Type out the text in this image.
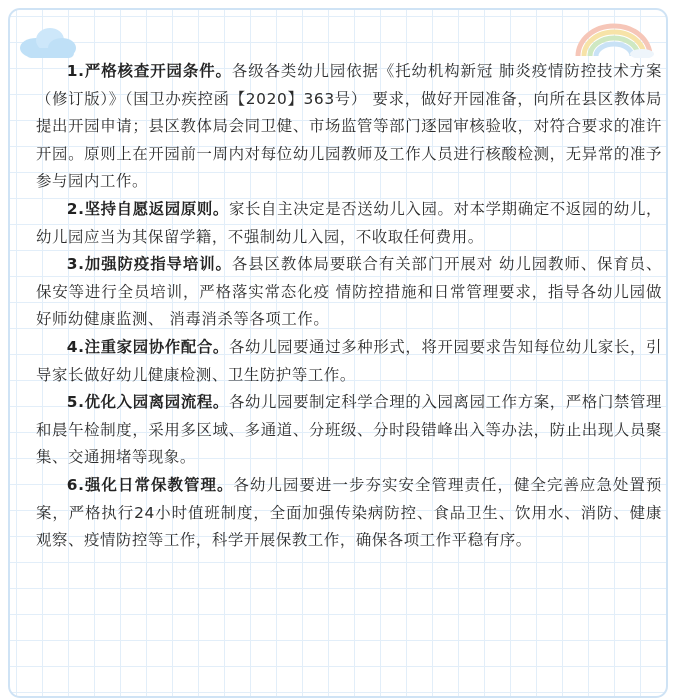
1.严格核查开园条件。各级各类幼儿园依据《托幼机构新冠 肺炎疫情防控技术方案（修订版）》（国卫办疾控函【2020】363号） 要求，做好开园准备，向所在县区教体局提出开园申请；县区教体局会同卫健、市场监管等部门逐园审核验收，对符合要求的准许开园。原则上在开园前一周内对每位幼儿园教师及工作人员进行核酸检测，无异常的准予参与园内工作。

2.坚持自愿返园原则。家长自主决定是否送幼儿入园。对本学期确定不返园的幼儿，幼儿园应当为其保留学籍，不强制幼儿入园，不收取任何费用。

3.加强防疫指导培训。各县区教体局要联合有关部门开展对 幼儿园教师、保育员、保安等进行全员培训，严格落实常态化疫 情防控措施和日常管理要求，指导各幼儿园做好师幼健康监测、 消毒消杀等各项工作。

4.注重家园协作配合。各幼儿园要通过多种形式，将开园要求告知每位幼儿家长，引导家长做好幼儿健康检测、卫生防护等工作。

5.优化入园离园流程。各幼儿园要制定科学合理的入园离园工作方案，严格门禁管理和晨午检制度，采用多区域、多通道、分班级、分时段错峰出入等办法，防止出现人员聚集、交通拥堵等现象。

6.强化日常保教管理。各幼儿园要进一步夯实安全管理责任，健全完善应急处置预案，严格执行24小时值班制度，全面加强传染病防控、食品卫生、饮用水、消防、健康观察、疫情防控等工作，科学开展保教工作，确保各项工作平稳有序。
